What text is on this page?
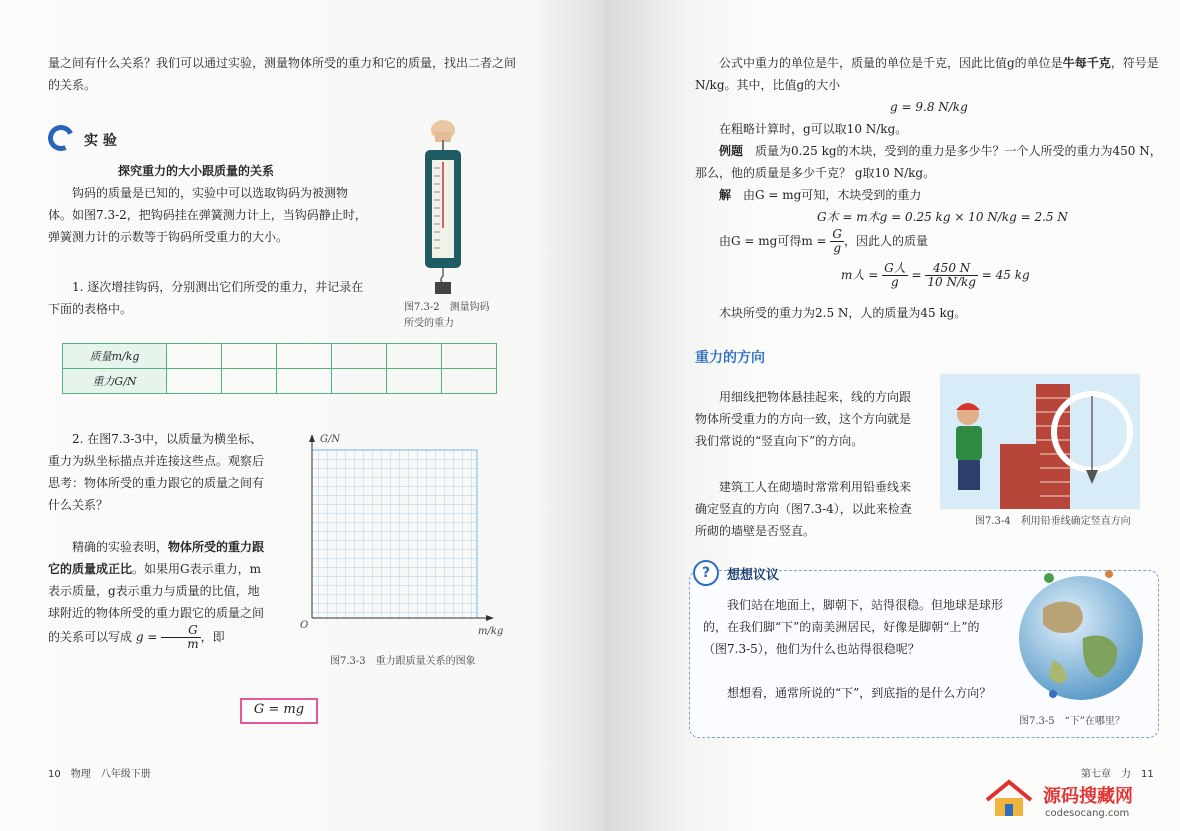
量之间有什么关系？我们可以通过实验，测量物体所受的重力和它的质量，找出二者之间的关系。
实 验
探究重力的大小跟质量的关系
钩码的质量是已知的，实验中可以选取钩码为被测物体。如图7.3-2，把钩码挂在弹簧测力计上，当钩码静止时，弹簧测力计的示数等于钩码所受重力的大小。
1. 逐次增挂钩码，分别测出它们所受的重力，并记录在下面的表格中。	图7.3-2　测量钩码所受的重力
质量m/kg						
重力G/N						
2. 在图7.3-3中，以质量为横坐标、重力为纵坐标描点并连接这些点。观察后思考：物体所受的重力跟它的质量之间有什么关系？
G/N
m/kg
O
图7.3-3　重力跟质量关系的图象
精确的实验表明，物体所受的重力跟它的质量成正比。如果用G表示重力，m表示质量，g表示重力与质量的比值，地球附近的物体所受的重力跟它的质量之间的关系可以写成 $g = \frac{G}{m}$ ，即
G = mg
10　物理　八年级下册
公式中重力的单位是牛，质量的单位是千克，因此比值g的单位是牛每千克，符号是N/kg。其中，比值g的大小
g = 9.8 N/kg
在粗略计算时，g可以取10 N/kg。
例题　 质量为0.25 kg的木块，受到的重力是多少牛？一个人所受的重力为450 N，那么，他的质量是多少千克？ g取10 N/kg。
解　 由G = mg可知，木块受到的重力
G木 = m木g = 0.25 kg × 10 N/kg = 2.5 N
由G = mg可得$m = \frac{G}{g}$ ，因此人的质量
m人 = $\frac{\text{G人}}{g} = \frac{450 N}{10 N/kg} = 45$ kg
木块所受的重力为2.5 N，人的质量为45 kg。
重力的方向
用细线把物体悬挂起来，线的方向跟物体所受重力的方向一致，这个方向就是我们常说的“竖直向下”的方向。
建筑工人在砌墙时常常利用铅垂线来确定竖直的方向（图7.3-4），以此来检查所砌的墙壁是否竖直。
图7.3-4　利用铅垂线确定竖直方向
?	想想议议
我们站在地面上，脚朝下，站得很稳。但地球是球形的，在我们脚“下”的南美洲居民，好像是脚朝“上”的（图7.3-5），他们为什么也站得很稳呢？
想想看，通常所说的“下”，到底指的是什么方向？
图7.3-5　“下”在哪里？
第七章　力　11
源码搜藏网
codesocang.com
